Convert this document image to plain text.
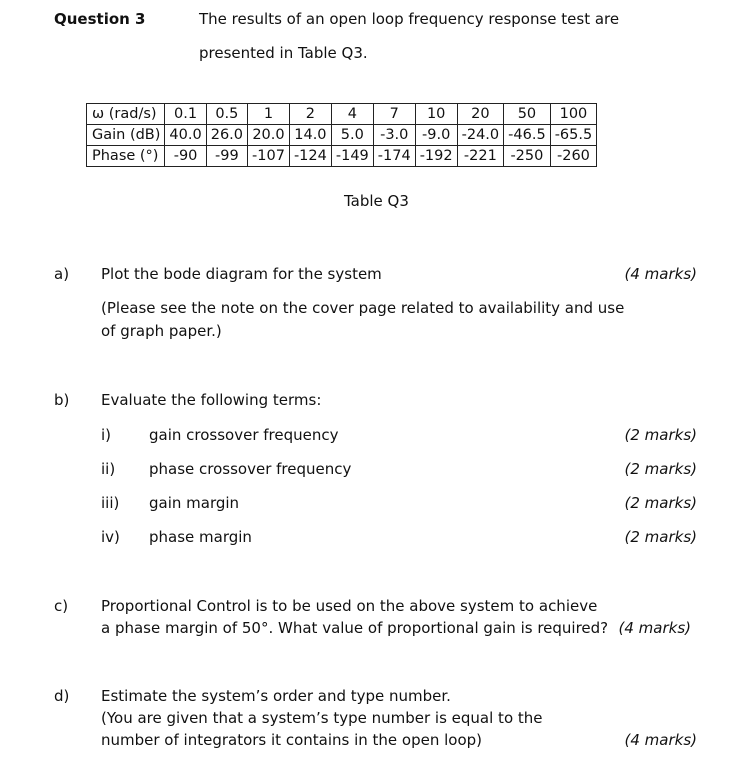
Question 3	The results of an open loop frequency response test are
presented in Table Q3.
ω (rad/s)	0.1	0.5	1	2	4	7	10	20	50	100
Gain (dB)	40.0	26.0	20.0	14.0	5.0	-3.0	-9.0	-24.0	-46.5	-65.5
Phase (°)	-90	-99	-107	-124	-149	-174	-192	-221	-250	-260
Table Q3
a) Plot the bode diagram for the system	(4 marks)
(Please see the note on the cover page related to availability and use
of graph paper.)
b) Evaluate the following terms:
i)	gain crossover frequency	(2 marks)
ii) phase crossover frequency	(2 marks)
iii) gain margin	(2 marks)
iv) phase margin	(2 marks)
c) Proportional Control is to be used on the above system to achieve
a phase margin of 50°. What value of proportional gain is required? (4 marks)
d) Estimate the system’s order and type number.
(You are given that a system’s type number is equal to the
number of integrators it contains in the open loop)	(4 marks)
